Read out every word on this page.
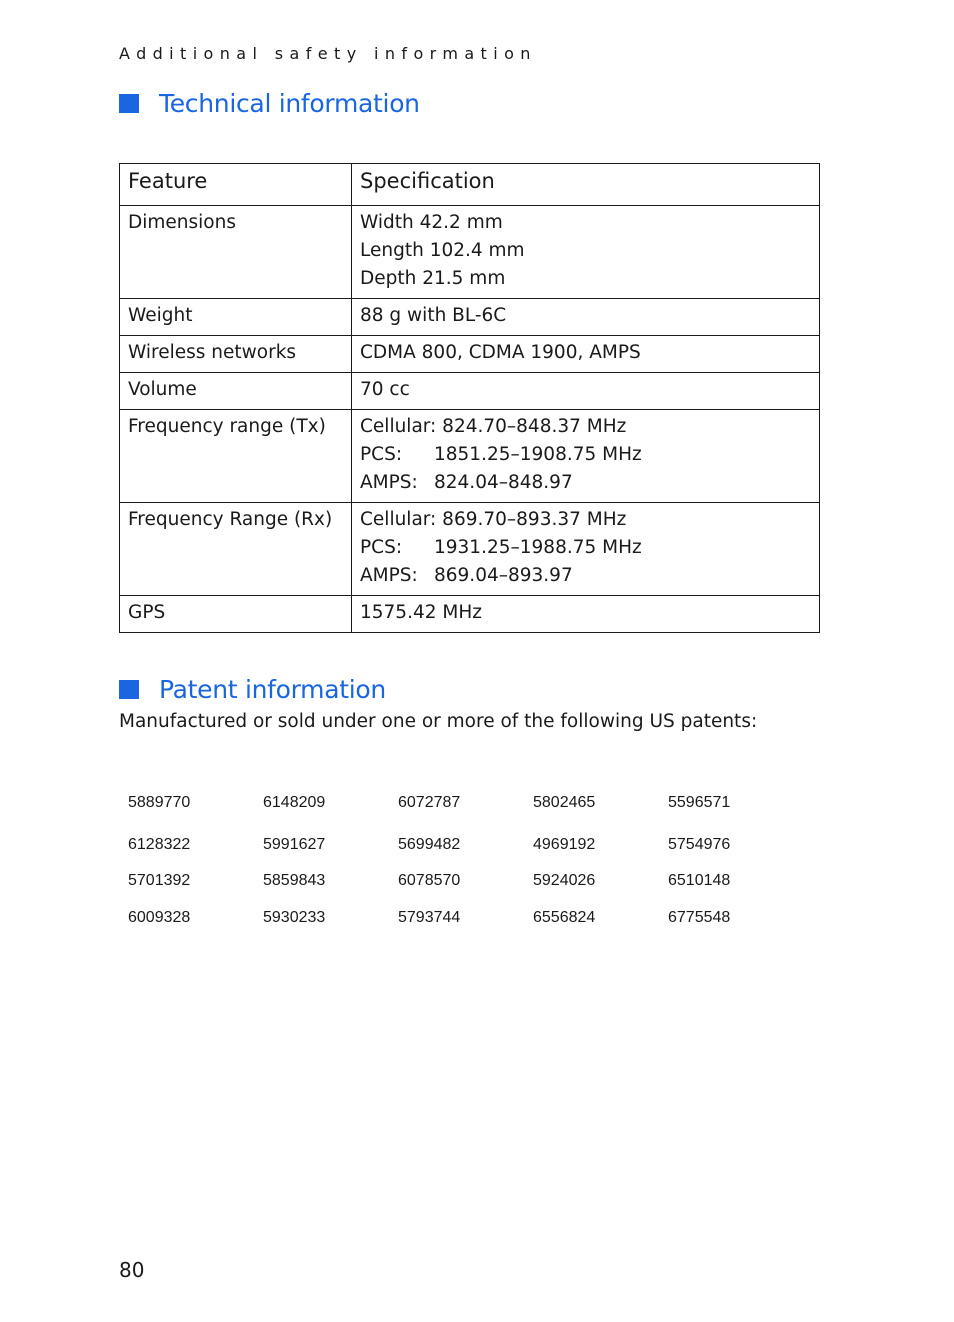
Additional safety information
Technical information
Feature	Specification
Dimensions	Width 42.2 mm
Length 102.4 mm
Depth 21.5 mm

Weight	88 g with BL-6C

Wireless networks	CDMA 800, CDMA 1900, AMPS

Volume	70 cc

Frequency range (Tx)	Cellular: 824.70–848.37 MHz
PCS: 1851.25–1908.75 MHz
AMPS: 824.04–848.97

Frequency Range (Rx)	Cellular: 869.70–893.37 MHz
PCS: 1931.25–1988.75 MHz
AMPS: 869.04–893.97

GPS	1575.42 MHz
Patent information
Manufactured or sold under one or more of the following US patents:
5889770	6148209	6072787	5802465	5596571
6128322	5991627	5699482	4969192	5754976
5701392	5859843	6078570	5924026	6510148
6009328	5930233	5793744	6556824	6775548
80
